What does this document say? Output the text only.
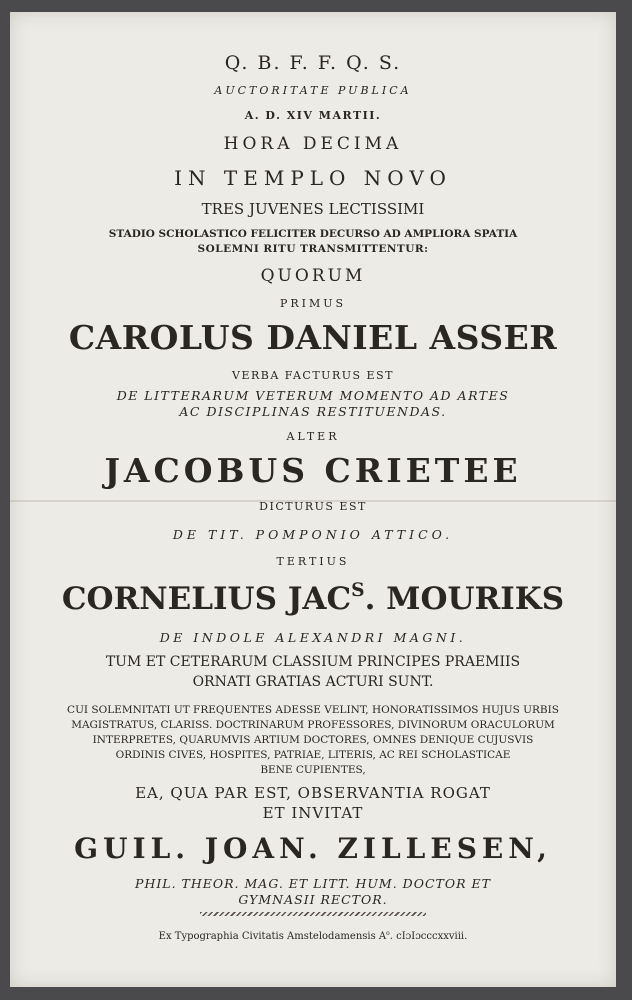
Q. B. F. F. Q. S.

AUCTORITATE PUBLICA

A. D. XIV MARTII.

HORA DECIMA

IN TEMPLO NOVO

TRES JUVENES LECTISSIMI

STADIO SCHOLASTICO FELICITER DECURSO AD AMPLIORA SPATIA

SOLEMNI RITU TRANSMITTENTUR:

QUORUM

PRIMUS

CAROLUS DANIEL ASSER

VERBA FACTURUS EST

DE LITTERARUM VETERUM MOMENTO AD ARTES

AC DISCIPLINAS RESTITUENDAS.

ALTER

JACOBUS CRIETEE

DICTURUS EST

DE TIT. POMPONIO ATTICO.

TERTIUS

CORNELIUS $JAC^S$. MOURIKS

DE INDOLE ALEXANDRI MAGNI.

TUM ET CETERARUM CLASSIUM PRINCIPES PRAEMIIS

ORNATI GRATIAS ACTURI SUNT.

CUI SOLEMNITATI UT FREQUENTES ADESSE VELINT, HONORATISSIMOS HUJUS URBIS

MAGISTRATUS, CLARISS. DOCTRINARUM PROFESSORES, DIVINORUM ORACULORUM

INTERPRETES, QUARUMVIS ARTIUM DOCTORES, OMNES DENIQUE CUJUSVIS

ORDINIS CIVES, HOSPITES, PATRIAE, LITERIS, AC REI SCHOLASTICAE

BENE CUPIENTES,

EA, QUA PAR EST, OBSERVANTIA ROGAT

ET INVITAT

GUIL. JOAN. ZILLESEN,

PHIL. THEOR. MAG. ET LITT. HUM. DOCTOR ET

GYMNASII RECTOR.

Ex Typographia Civitatis Amstelodamensis $A^o$. cIɔIɔcccxxviii.
